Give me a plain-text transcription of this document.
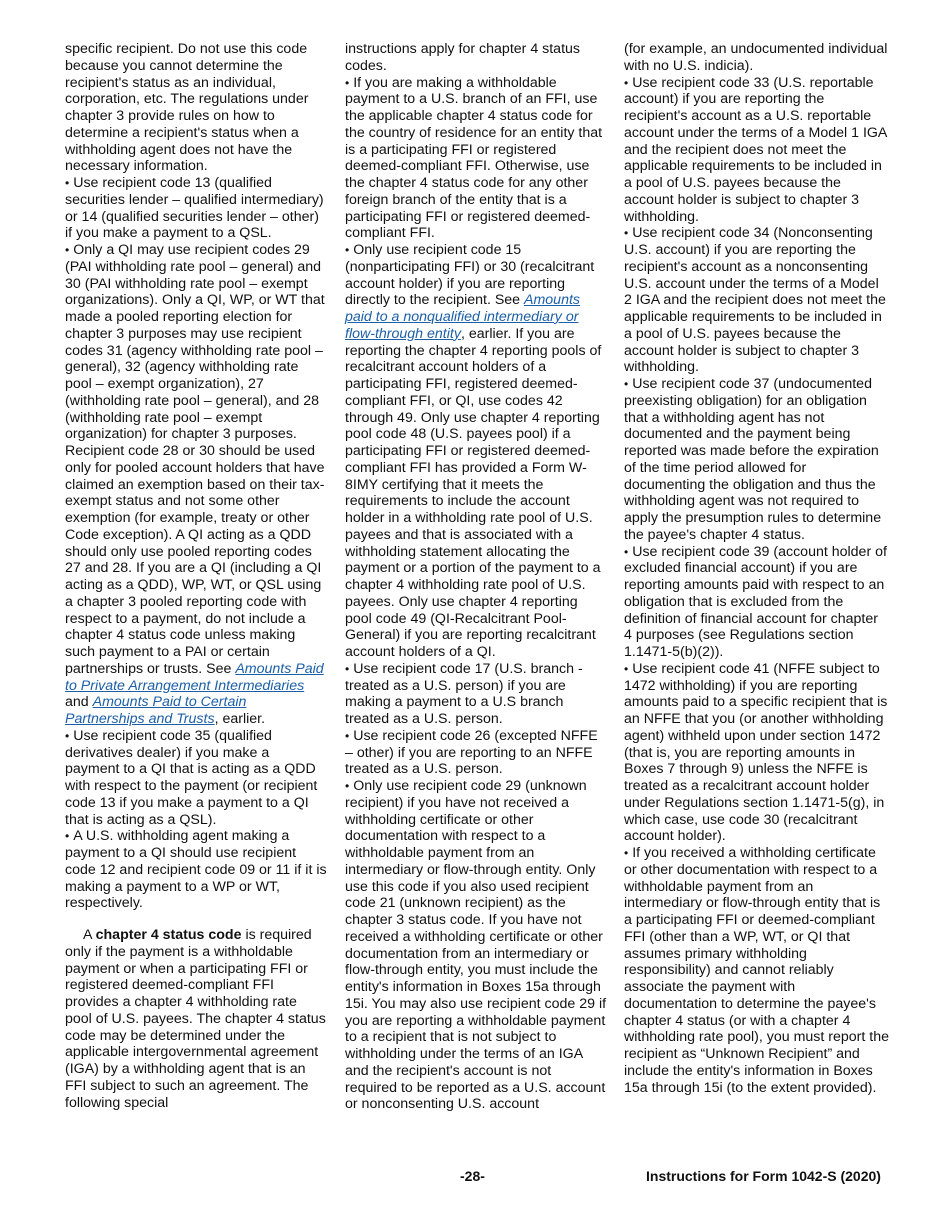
specific recipient. Do not use this code because you cannot determine the recipient's status as an individual, corporation, etc. The regulations under chapter 3 provide rules on how to determine a recipient's status when a withholding agent does not have the necessary information.

• Use recipient code 13 (qualified securities lender – qualified intermediary) or 14 (qualified securities lender – other) if you make a payment to a QSL.

• Only a QI may use recipient codes 29 (PAI withholding rate pool – general) and 30 (PAI withholding rate pool – exempt organizations). Only a QI, WP, or WT that made a pooled reporting election for chapter 3 purposes may use recipient codes 31 (agency withholding rate pool – general), 32 (agency withholding rate pool – exempt organization), 27 (withholding rate pool – general), and 28 (withholding rate pool – exempt organization) for chapter 3 purposes. Recipient code 28 or 30 should be used only for pooled account holders that have claimed an exemption based on their tax-exempt status and not some other exemption (for example, treaty or other Code exception). A QI acting as a QDD should only use pooled reporting codes 27 and 28. If you are a QI (including a QI acting as a QDD), WP, WT, or QSL using a chapter 3 pooled reporting code with respect to a payment, do not include a chapter 4 status code unless making such payment to a PAI or certain partnerships or trusts. See Amounts Paid to Private Arrangement Intermediaries and Amounts Paid to Certain Partnerships and Trusts, earlier.

• Use recipient code 35 (qualified derivatives dealer) if you make a payment to a QI that is acting as a QDD with respect to the payment (or recipient code 13 if you make a payment to a QI that is acting as a QSL).

• A U.S. withholding agent making a payment to a QI should use recipient code 12 and recipient code 09 or 11 if it is making a payment to a WP or WT, respectively.

A chapter 4 status code is required only if the payment is a withholdable payment or when a participating FFI or registered deemed-compliant FFI provides a chapter 4 withholding rate pool of U.S. payees. The chapter 4 status code may be determined under the applicable intergovernmental agreement (IGA) by a withholding agent that is an FFI subject to such an agreement. The following special

instructions apply for chapter 4 status codes.

• If you are making a withholdable payment to a U.S. branch of an FFI, use the applicable chapter 4 status code for the country of residence for an entity that is a participating FFI or registered deemed-compliant FFI. Otherwise, use the chapter 4 status code for any other foreign branch of the entity that is a participating FFI or registered deemed-compliant FFI.

• Only use recipient code 15 (nonparticipating FFI) or 30 (recalcitrant account holder) if you are reporting directly to the recipient. See Amounts paid to a nonqualified intermediary or flow-through entity, earlier. If you are reporting the chapter 4 reporting pools of recalcitrant account holders of a participating FFI, registered deemed-compliant FFI, or QI, use codes 42 through 49. Only use chapter 4 reporting pool code 48 (U.S. payees pool) if a participating FFI or registered deemed-compliant FFI has provided a Form W-8IMY certifying that it meets the requirements to include the account holder in a withholding rate pool of U.S. payees and that is associated with a withholding statement allocating the payment or a portion of the payment to a chapter 4 withholding rate pool of U.S. payees. Only use chapter 4 reporting pool code 49 (QI-Recalcitrant Pool-General) if you are reporting recalcitrant account holders of a QI.

• Use recipient code 17 (U.S. branch - treated as a U.S. person) if you are making a payment to a U.S branch treated as a U.S. person.

• Use recipient code 26 (excepted NFFE – other) if you are reporting to an NFFE treated as a U.S. person.

• Only use recipient code 29 (unknown recipient) if you have not received a withholding certificate or other documentation with respect to a withholdable payment from an intermediary or flow-through entity. Only use this code if you also used recipient code 21 (unknown recipient) as the chapter 3 status code. If you have not received a withholding certificate or other documentation from an intermediary or flow-through entity, you must include the entity's information in Boxes 15a through 15i. You may also use recipient code 29 if you are reporting a withholdable payment to a recipient that is not subject to withholding under the terms of an IGA and the recipient's account is not required to be reported as a U.S. account or nonconsenting U.S. account

(for example, an undocumented individual with no U.S. indicia).

• Use recipient code 33 (U.S. reportable account) if you are reporting the recipient's account as a U.S. reportable account under the terms of a Model 1 IGA and the recipient does not meet the applicable requirements to be included in a pool of U.S. payees because the account holder is subject to chapter 3 withholding.

• Use recipient code 34 (Nonconsenting U.S. account) if you are reporting the recipient's account as a nonconsenting U.S. account under the terms of a Model 2 IGA and the recipient does not meet the applicable requirements to be included in a pool of U.S. payees because the account holder is subject to chapter 3 withholding.

• Use recipient code 37 (undocumented preexisting obligation) for an obligation that a withholding agent has not documented and the payment being reported was made before the expiration of the time period allowed for documenting the obligation and thus the withholding agent was not required to apply the presumption rules to determine the payee's chapter 4 status.

• Use recipient code 39 (account holder of excluded financial account) if you are reporting amounts paid with respect to an obligation that is excluded from the definition of financial account for chapter 4 purposes (see Regulations section 1.1471-5(b)(2)).

• Use recipient code 41 (NFFE subject to 1472 withholding) if you are reporting amounts paid to a specific recipient that is an NFFE that you (or another withholding agent) withheld upon under section 1472 (that is, you are reporting amounts in Boxes 7 through 9) unless the NFFE is treated as a recalcitrant account holder under Regulations section 1.1471-5(g), in which case, use code 30 (recalcitrant account holder).

• If you received a withholding certificate or other documentation with respect to a withholdable payment from an intermediary or flow-through entity that is a participating FFI or deemed-compliant FFI (other than a WP, WT, or QI that assumes primary withholding responsibility) and cannot reliably associate the payment with documentation to determine the payee's chapter 4 status (or with a chapter 4 withholding rate pool), you must report the recipient as “Unknown Recipient” and include the entity's information in Boxes 15a through 15i (to the extent provided).

-28-	Instructions for Form 1042-S (2020)
